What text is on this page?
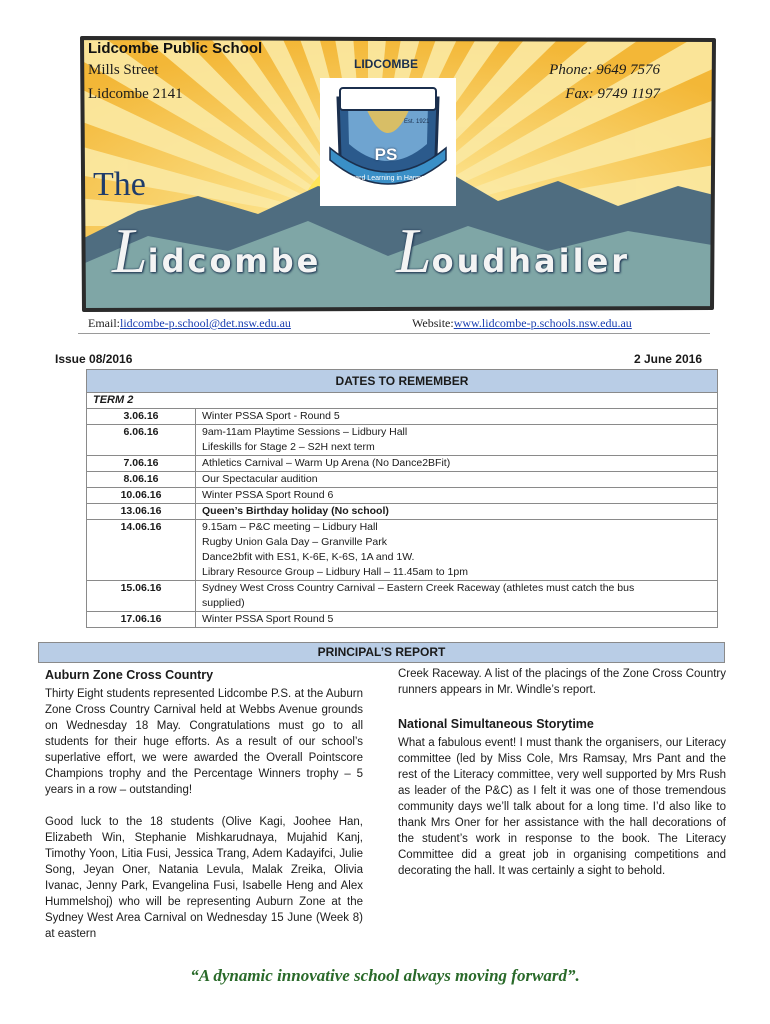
LIDCOMBE
Est. 1921
PS
Forward Learning in Harmony
Lidcombe Public School
Mills Street
Lidcombe 2141
Phone: 9649 7576
Fax: 9749 1197
The
Lidcombe Loudhailer
Email:lidcombe-p.school@det.nsw.edu.au	Website:www.lidcombe-p.schools.nsw.edu.au
Issue 08/2016	2 June 2016
DATES TO REMEMBER	
TERM 2	
3.06.16	Winter PSSA Sport - Round 5

6.06.16	9am-11am Playtime Sessions – Lidbury Hall
Lifeskills for Stage 2 – S2H next term

7.06.16	Athletics Carnival – Warm Up Arena (No Dance2BFit)

8.06.16	Our Spectacular audition

10.06.16	Winter PSSA Sport Round 6

13.06.16	Queen’s Birthday holiday (No school)

14.06.16	9.15am – P&C meeting – Lidbury Hall
Rugby Union Gala Day – Granville Park
Dance2bfit with ES1, K-6E, K-6S, 1A and 1W.
Library Resource Group – Lidbury Hall – 11.45am to 1pm

15.06.16	Sydney West Cross Country Carnival – Eastern Creek Raceway (athletes must catch the bus
supplied)

17.06.16	Winter PSSA Sport Round 5
PRINCIPAL’S REPORT
Auburn Zone Cross Country

Thirty Eight students represented Lidcombe P.S. at the Auburn Zone Cross Country Carnival held at Webbs Avenue grounds on Wednesday 18 May. Congratulations must go to all students for their huge efforts. As a result of our school’s superlative effort, we were awarded the Overall Pointscore Champions trophy and the Percentage Winners trophy – 5 years in a row – outstanding!

Good luck to the 18 students (Olive Kagi, Joohee Han, Elizabeth Win, Stephanie Mishkarudnaya, Mujahid Kanj, Timothy Yoon, Litia Fusi, Jessica Trang, Adem Kadayifci, Julie Song, Jeyan Oner, Natania Levula, Malak Zreika, Olivia Ivanac, Jenny Park, Evangelina Fusi, Isabelle Heng and Alex Hummelshoj) who will be representing Auburn Zone at the Sydney West Area Carnival on Wednesday 15 June (Week 8) at eastern

Creek Raceway. A list of the placings of the Zone Cross Country runners appears in Mr. Windle’s report.

National Simultaneous Storytime

What a fabulous event! I must thank the organisers, our Literacy committee (led by Miss Cole, Mrs Ramsay, Mrs Pant and the rest of the Literacy committee, very well supported by Mrs Rush as leader of the P&C) as I felt it was one of those tremendous community days we’ll talk about for a long time. I’d also like to thank Mrs Oner for her assistance with the hall decorations of the student’s work in response to the book. The Literacy Committee did a great job in organising competitions and decorating the hall. It was certainly a sight to behold.

“A dynamic innovative school always moving forward”.
